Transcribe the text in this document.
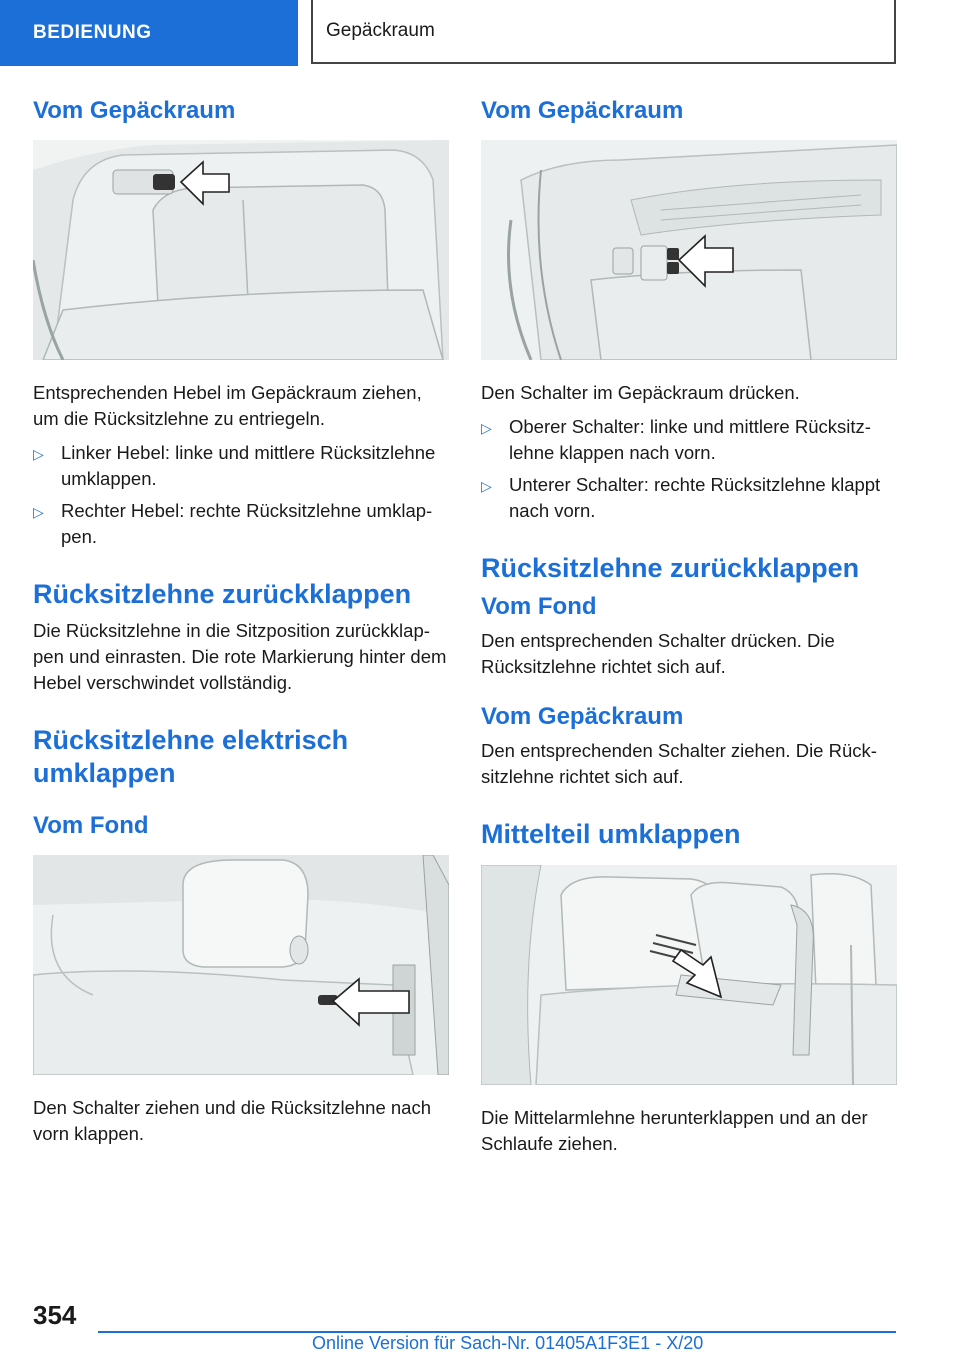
BEDIENUNG	Gepäckraum
Vom Gepäckraum

Entsprechenden Hebel im Gepäckraum ziehen, um die Rücksitzlehne zu entriegeln.

▷ Linker Hebel: linke und mittlere Rücksitzlehne umklappen.
▷ Rechter Hebel: rechte Rücksitzlehne umklappen.
Rücksitzlehne zurückklappen

Die Rücksitzlehne in die Sitzposition zurückklappen und einrasten. Die rote Markierung hinter dem Hebel verschwindet vollständig.

Rücksitzlehne elektrisch umklappen
Vom Fond

Den Schalter ziehen und die Rücksitzlehne nach vorn klappen.

Vom Gepäckraum

Den Schalter im Gepäckraum drücken.

▷ Oberer Schalter: linke und mittlere Rücksitzlehne klappen nach vorn.
▷ Unterer Schalter: rechte Rücksitzlehne klappt nach vorn.
Rücksitzlehne zurückklappen
Vom Fond

Den entsprechenden Schalter drücken. Die Rücksitzlehne richtet sich auf.

Vom Gepäckraum

Den entsprechenden Schalter ziehen. Die Rücksitzlehne richtet sich auf.

Mittelteil umklappen

Die Mittelarmlehne herunterklappen und an der Schlaufe ziehen.

354
Online Version für Sach-Nr. 01405A1F3E1 - X/20
